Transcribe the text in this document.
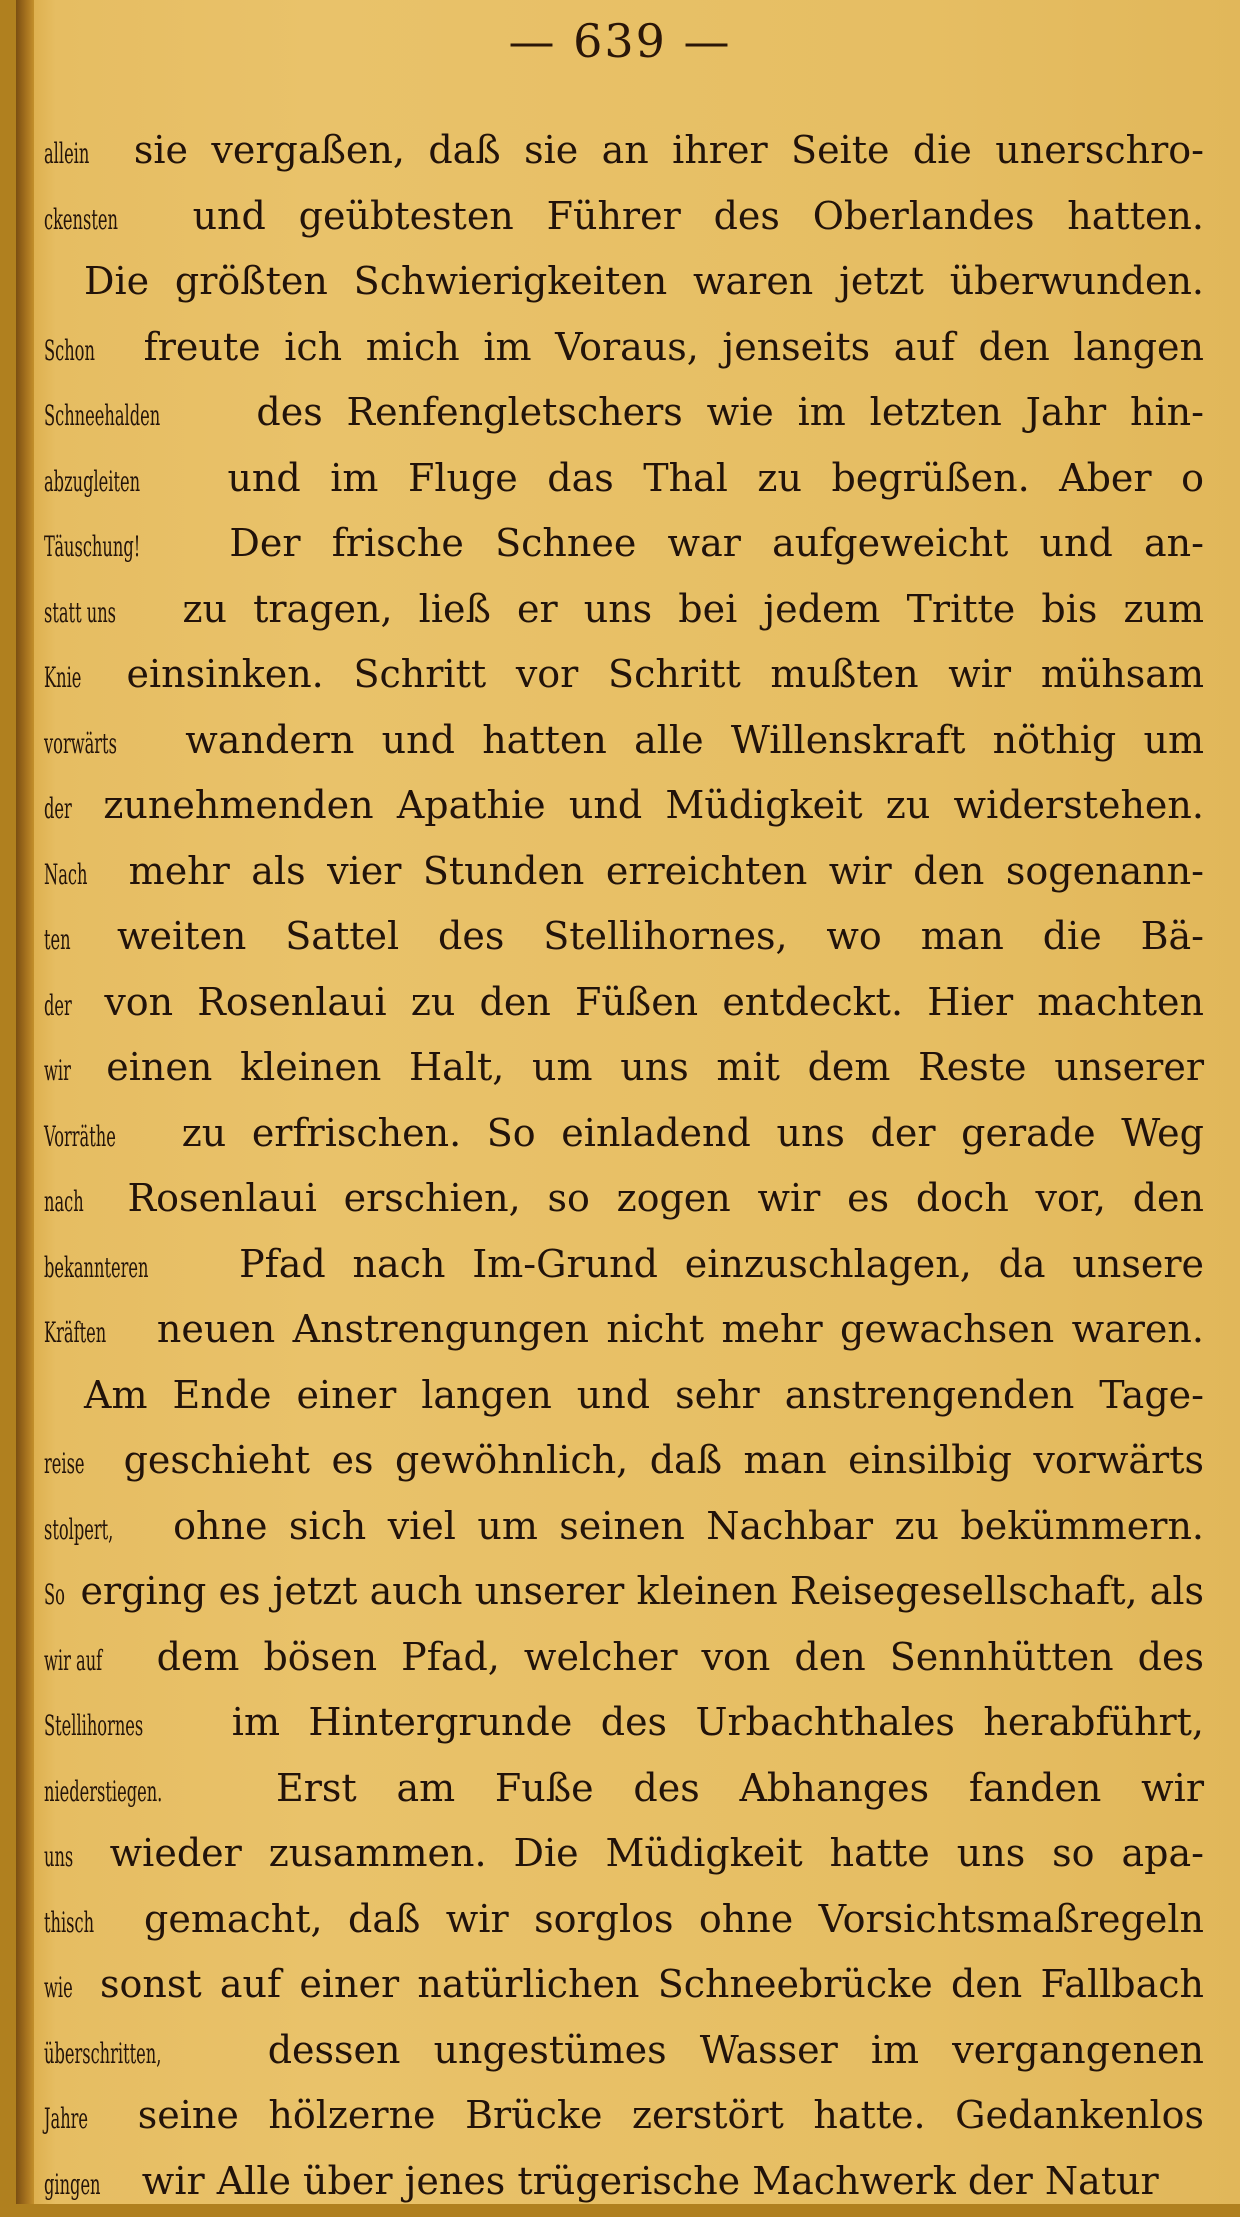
— 639 —
allein sie vergaßen, daß sie an ihrer Seite die unerschro-
ckensten und geübtesten Führer des Oberlandes hatten.
Die größten Schwierigkeiten waren jetzt überwunden.
Schon freute ich mich im Voraus, jenseits auf den langen
Schneehalden	des Renfengletschers wie im letzten Jahr hin-
abzugleiten und im Fluge das Thal zu begrüßen. Aber o
Täuschung! Der frische Schnee war aufgeweicht und an-
statt uns zu tragen, ließ er uns bei jedem Tritte bis zum
Knie einsinken. Schritt vor Schritt mußten wir mühsam
vorwärts wandern und hatten alle Willenskraft nöthig um
der zunehmenden Apathie und Müdigkeit zu widerstehen.
Nach mehr als vier Stunden erreichten wir den sogenann-
ten weiten Sattel des Stellihornes, wo man die Bä-
der von Rosenlaui zu den Füßen entdeckt. Hier machten
wir einen kleinen Halt, um uns mit dem Reste unserer
Vorräthe zu erfrischen. So einladend uns der gerade Weg
nach Rosenlaui erschien, so zogen wir es doch vor, den
bekannteren Pfad nach Im-Grund einzuschlagen, da unsere
Kräften neuen Anstrengungen nicht mehr gewachsen waren.
Am Ende einer langen und sehr anstrengenden Tage-
reise geschieht es gewöhnlich, daß man einsilbig vorwärts
stolpert, ohne sich viel um seinen Nachbar zu bekümmern.
So erging es jetzt auch unserer kleinen Reisegesellschaft, als
wir auf dem bösen Pfad, welcher von den Sennhütten des
Stellihornes im Hintergrunde des Urbachthales herabführt,
niederstiegen.	Erst am Fuße des Abhanges fanden wir
uns wieder zusammen. Die Müdigkeit hatte uns so apa-
thisch gemacht, daß wir sorglos ohne Vorsichtsmaßregeln
wie sonst auf einer natürlichen Schneebrücke den Fallbach
überschritten,	dessen ungestümes Wasser im vergangenen
Jahre seine hölzerne Brücke zerstört hatte. Gedankenlos
gingen wir Alle über jenes trügerische Machwerk der Natur
